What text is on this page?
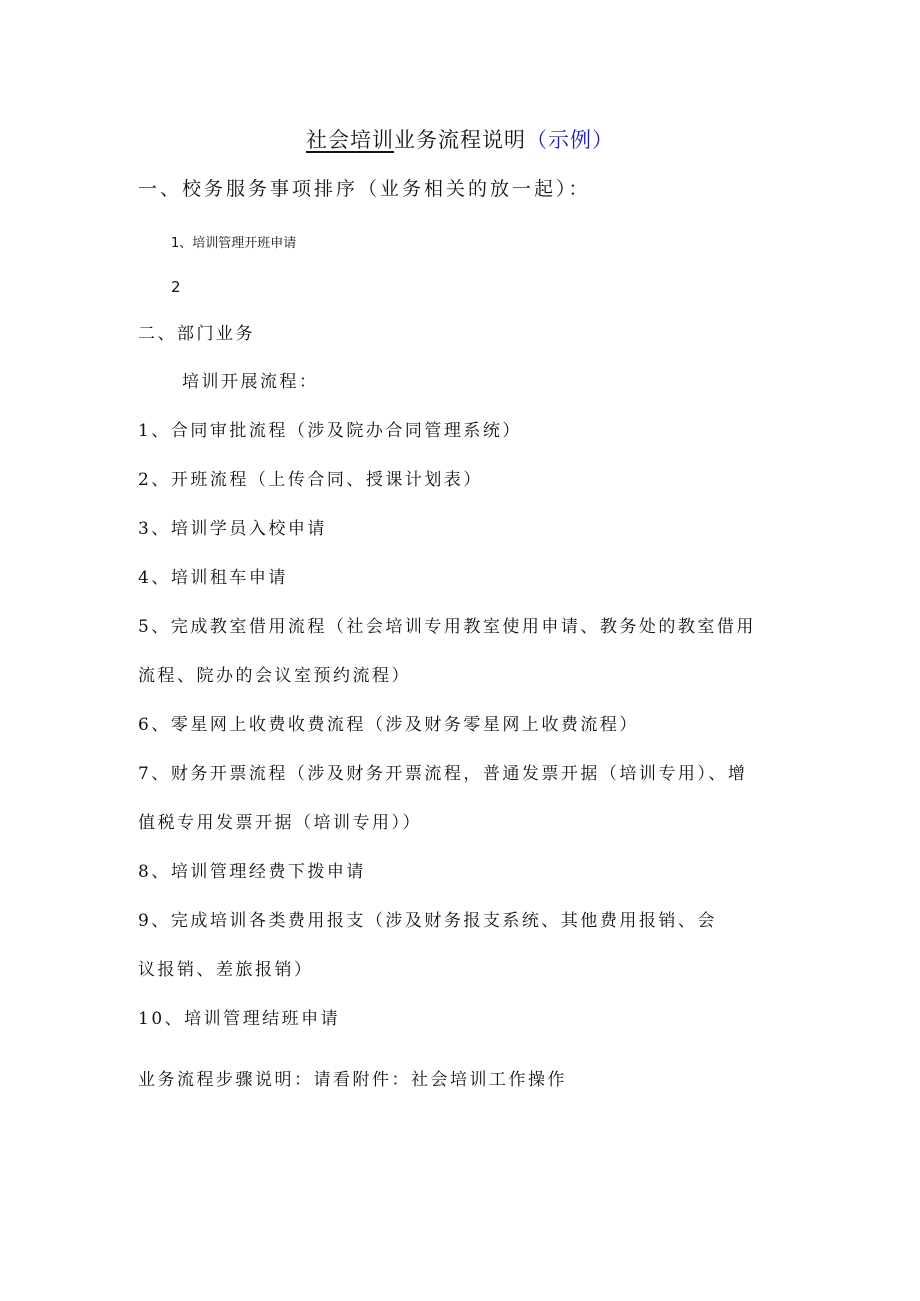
社会培训业务流程说明（示例）
一、校务服务事项排序（业务相关的放一起）：
1、培训管理开班申请
2
二、部门业务
培训开展流程：
1、合同审批流程（涉及院办合同管理系统）
2、开班流程（上传合同、授课计划表）
3、培训学员入校申请
4、培训租车申请
5、完成教室借用流程（社会培训专用教室使用申请、教务处的教室借用
流程、院办的会议室预约流程）
6、零星网上收费收费流程（涉及财务零星网上收费流程）
7、财务开票流程（涉及财务开票流程，普通发票开据（培训专用）、增
值税专用发票开据（培训专用））
8、培训管理经费下拨申请
9、完成培训各类费用报支（涉及财务报支系统、其他费用报销、会
议报销、差旅报销）
10、培训管理结班申请
业务流程步骤说明：请看附件：社会培训工作操作
